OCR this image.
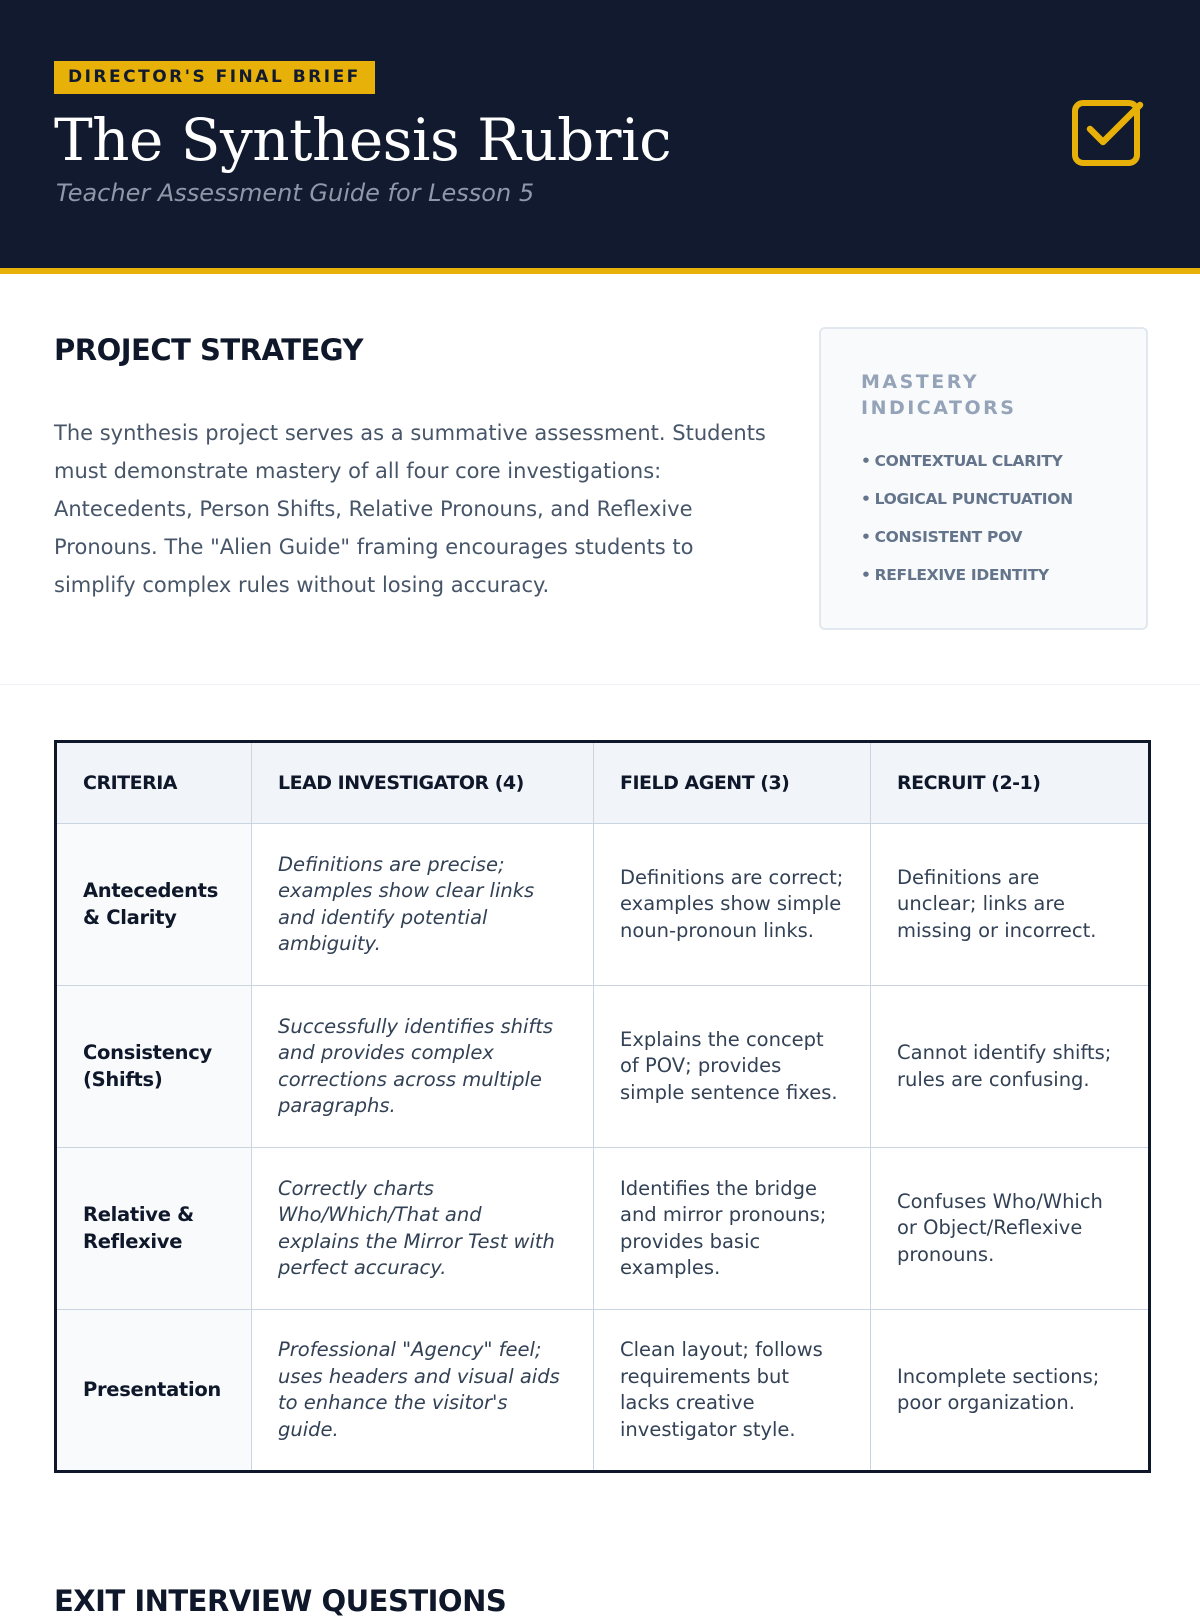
DIRECTOR'S FINAL BRIEF
The Synthesis Rubric
Teacher Assessment Guide for Lesson 5
PROJECT STRATEGY

The synthesis project serves as a summative assessment. Students must demonstrate mastery of all four core investigations: Antecedents, Person Shifts, Relative Pronouns, and Reflexive Pronouns. The "Alien Guide" framing encourages students to simplify complex rules without losing accuracy.

MASTERY INDICATORS
• CONTEXTUAL CLARITY
• LOGICAL PUNCTUATION
• CONSISTENT POV
• REFLEXIVE IDENTITY
CRITERIA	LEAD INVESTIGATOR (4)	FIELD AGENT (3)	RECRUIT (2-1)
Antecedents & Clarity	Definitions are precise; examples show clear links and identify potential ambiguity.	Definitions are correct; examples show simple noun-pronoun links.	Definitions are unclear; links are missing or incorrect.
Consistency (Shifts)	Successfully identifies shifts and provides complex corrections across multiple paragraphs.	Explains the concept of POV; provides simple sentence fixes.	Cannot identify shifts; rules are confusing.
Relative & Reflexive	Correctly charts Who/Which/That and explains the Mirror Test with perfect accuracy.	Identifies the bridge and mirror pronouns; provides basic examples.	Confuses Who/Which or Object/Reflexive pronouns.
Presentation	Professional "Agency" feel; uses headers and visual aids to enhance the visitor's guide.	Clean layout; follows requirements but lacks creative investigator style.	Incomplete sections; poor organization.
EXIT INTERVIEW QUESTIONS
